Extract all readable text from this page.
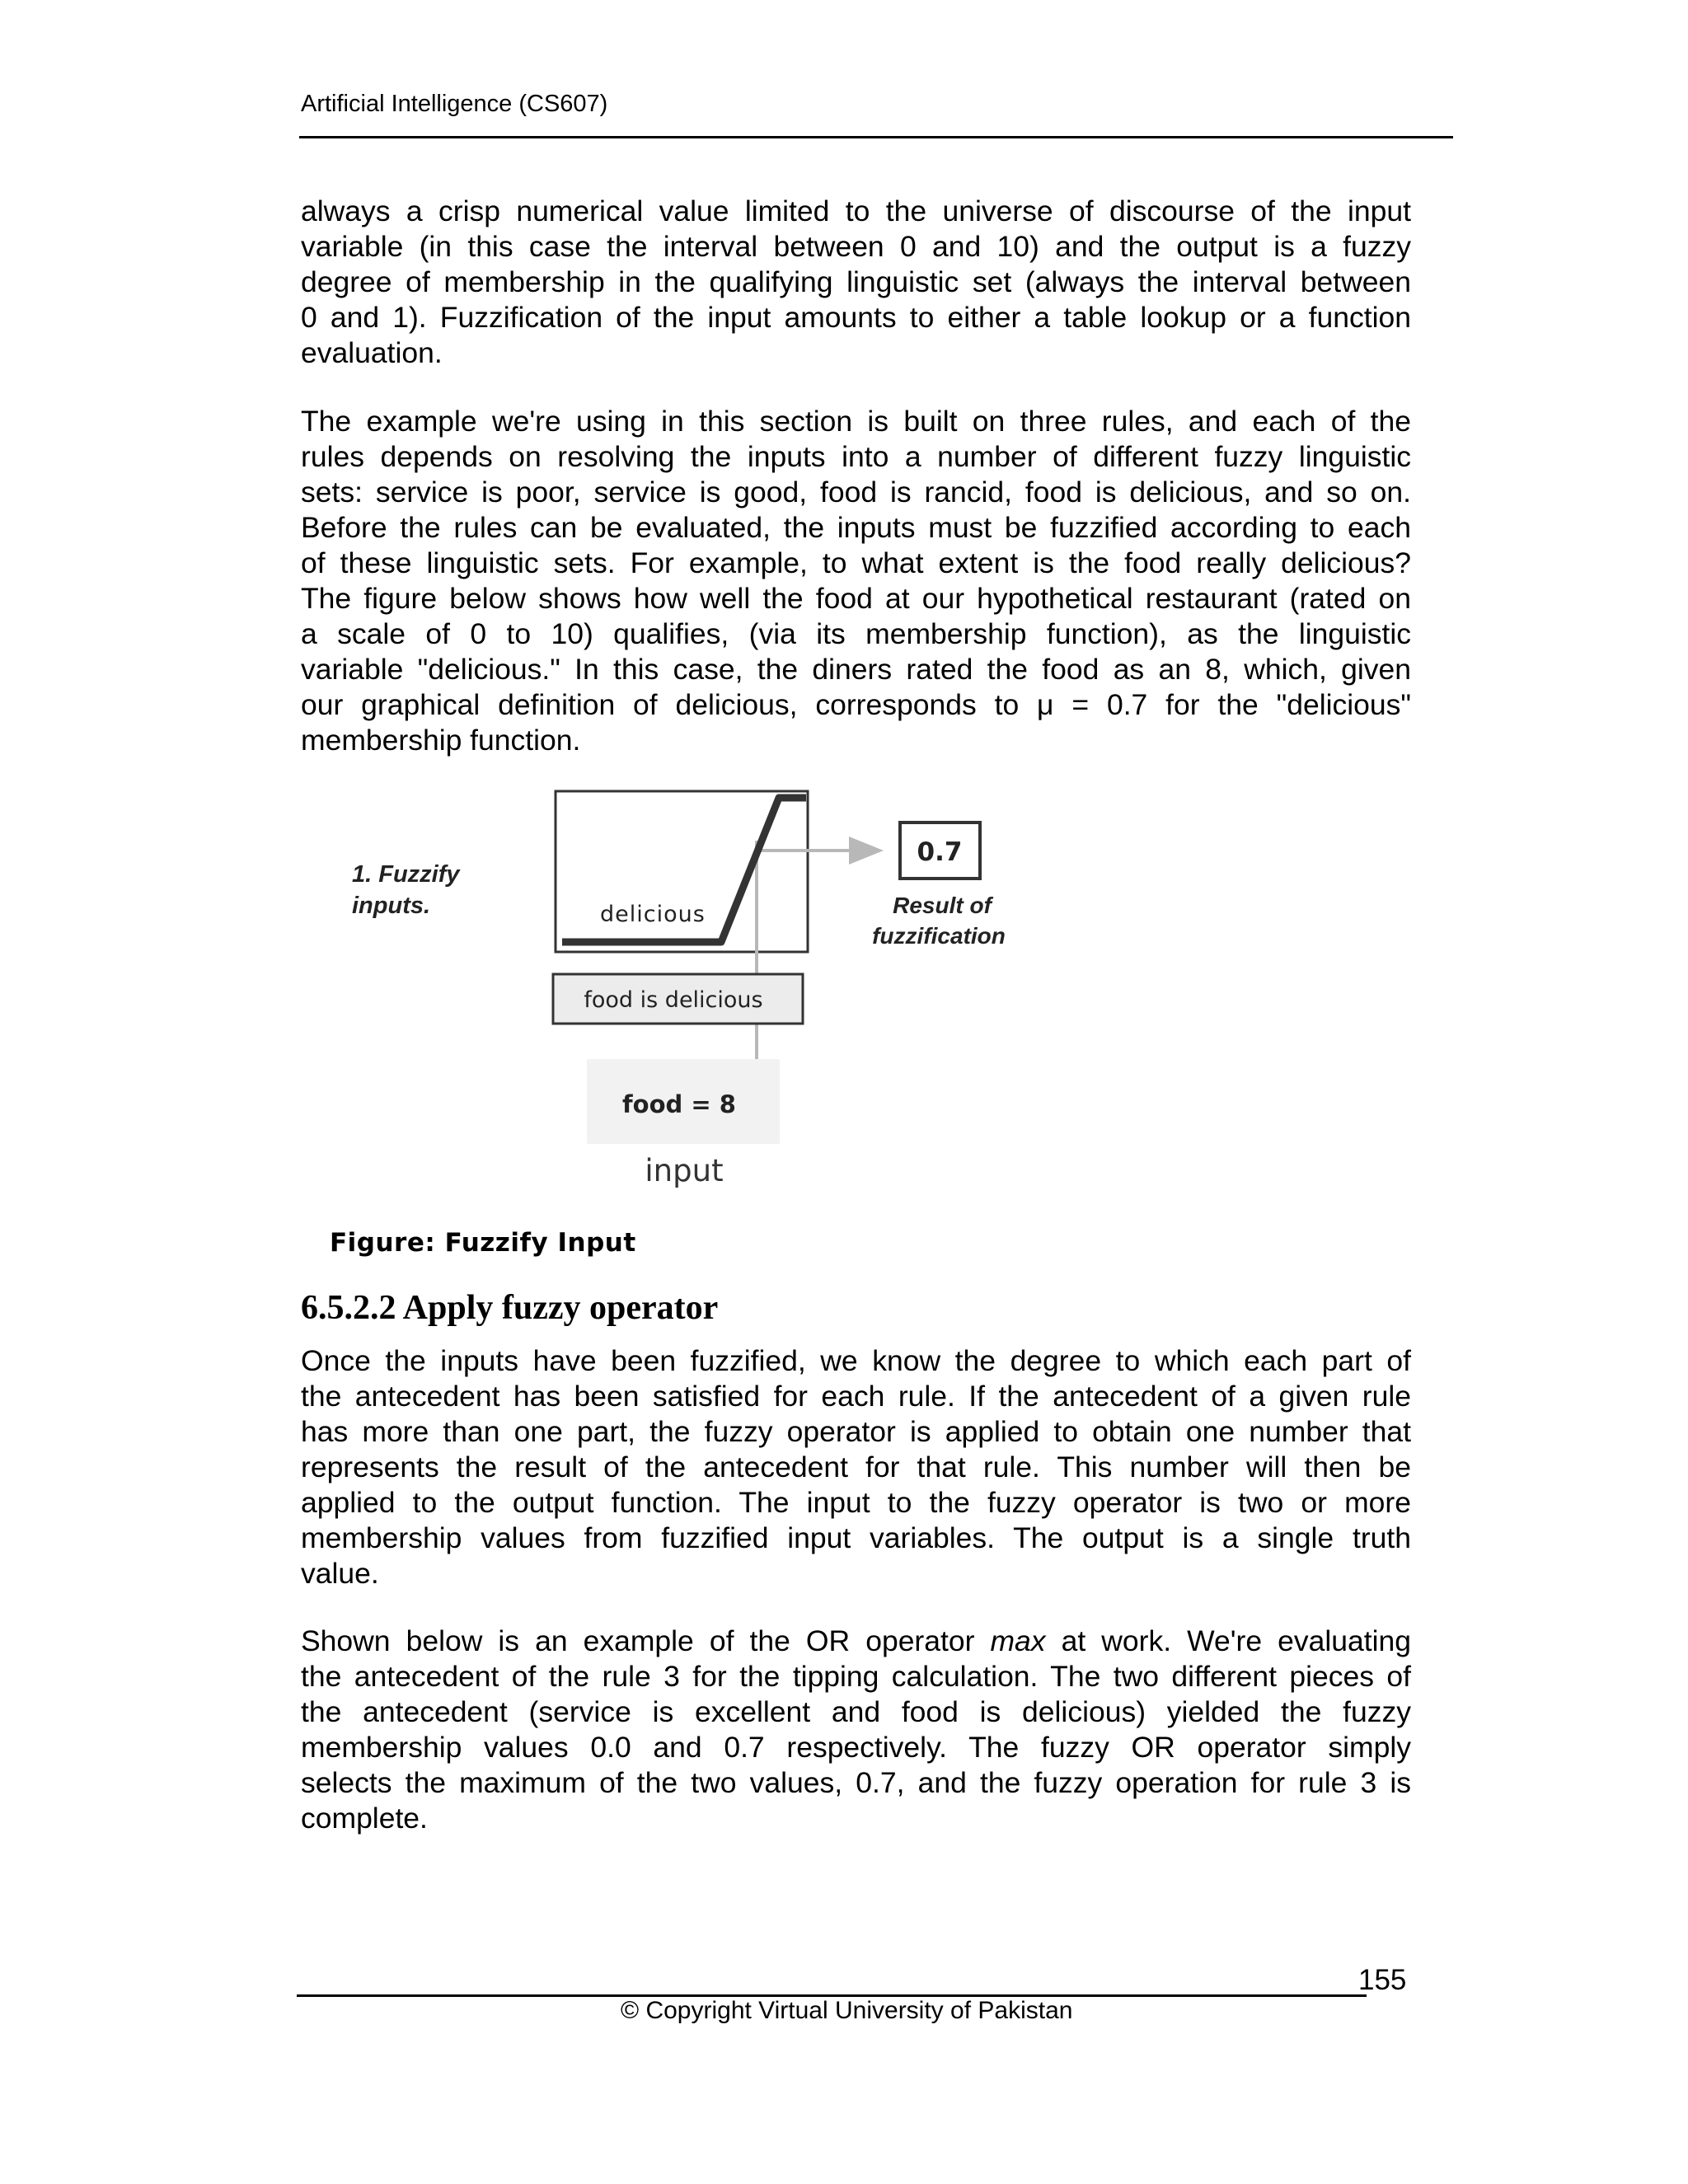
Artificial Intelligence (CS607)
always a crisp numerical value limited to the universe of discourse of the input
variable (in this case the interval between 0 and 10) and the output is a fuzzy
degree of membership in the qualifying linguistic set (always the interval between
0 and 1). Fuzzification of the input amounts to either a table lookup or a function
evaluation.
The example we're using in this section is built on three rules, and each of the
rules depends on resolving the inputs into a number of different fuzzy linguistic
sets: service is poor, service is good, food is rancid, food is delicious, and so on.
Before the rules can be evaluated, the inputs must be fuzzified according to each
of these linguistic sets. For example, to what extent is the food really delicious?
The figure below shows how well the food at our hypothetical restaurant (rated on
a scale of 0 to 10) qualifies, (via its membership function), as the linguistic
variable "delicious." In this case, the diners rated the food as an 8, which, given
our graphical definition of delicious, corresponds to μ = 0.7 for the "delicious"
membership function.
1. Fuzzify
inputs.	delicious
0.7
Result of
fuzzification
food is delicious
food = 8
input
Figure: Fuzzify Input
6.5.2.2 Apply fuzzy operator
Once the inputs have been fuzzified, we know the degree to which each part of
the antecedent has been satisfied for each rule. If the antecedent of a given rule
has more than one part, the fuzzy operator is applied to obtain one number that
represents the result of the antecedent for that rule. This number will then be
applied to the output function. The input to the fuzzy operator is two or more
membership values from fuzzified input variables. The output is a single truth
value.
Shown below is an example of the OR operator max at work. We're evaluating
the antecedent of the rule 3 for the tipping calculation. The two different pieces of
the antecedent (service is excellent and food is delicious) yielded the fuzzy
membership values 0.0 and 0.7 respectively. The fuzzy OR operator simply
selects the maximum of the two values, 0.7, and the fuzzy operation for rule 3 is
complete.
155
© Copyright Virtual University of Pakistan
